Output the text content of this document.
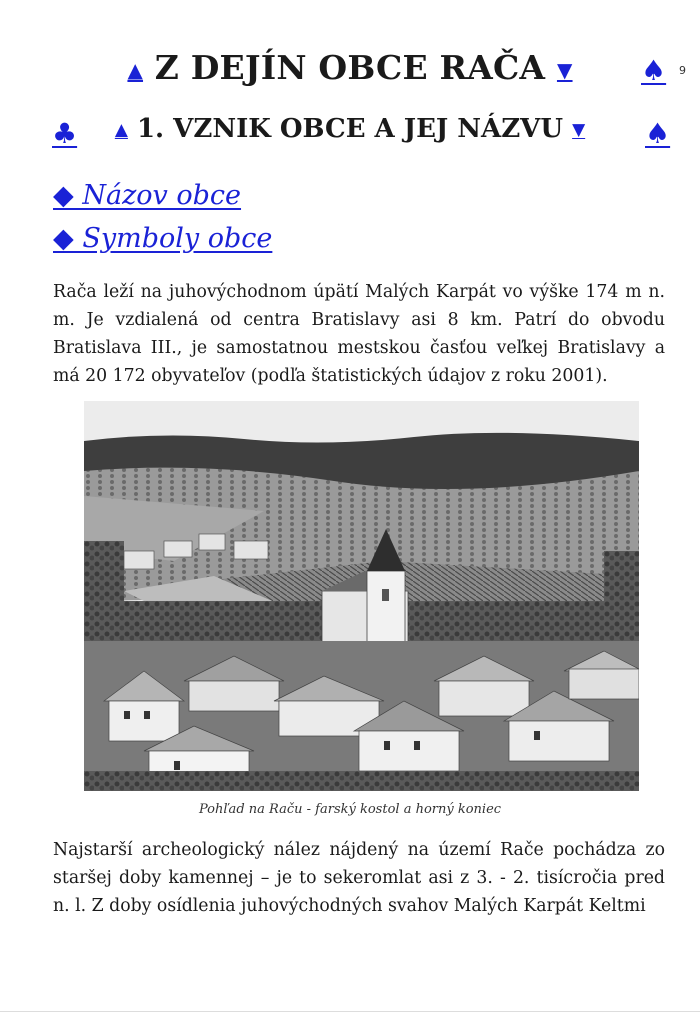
▲ Z DEJÍN OBCE RAČA ▼	♠ 9
♣	▲ 1. VZNIK OBCE A JEJ NÁZVU ▼	♠
◆ Názov obce
◆ Symboly obce
Rača leží na juhovýchodnom úpätí Malých Karpát vo výške 174 m n. m. Je vzdialená od centra Bratislavy asi 8 km. Patrí do obvodu Bratislava III., je samostatnou mestskou časťou veľkej Bratislavy a má 20 172 obyvateľov (podľa štatistických údajov z roku 2001).
Pohľad na Raču - farský kostol a horný koniec
Najstarší archeologický nález nájdený na území Rače pochádza zo staršej doby kamennej – je to sekeromlat asi z 3. - 2. tisícročia pred n. l. Z doby osídlenia juhovýchodných svahov Malých Karpát Keltmi
